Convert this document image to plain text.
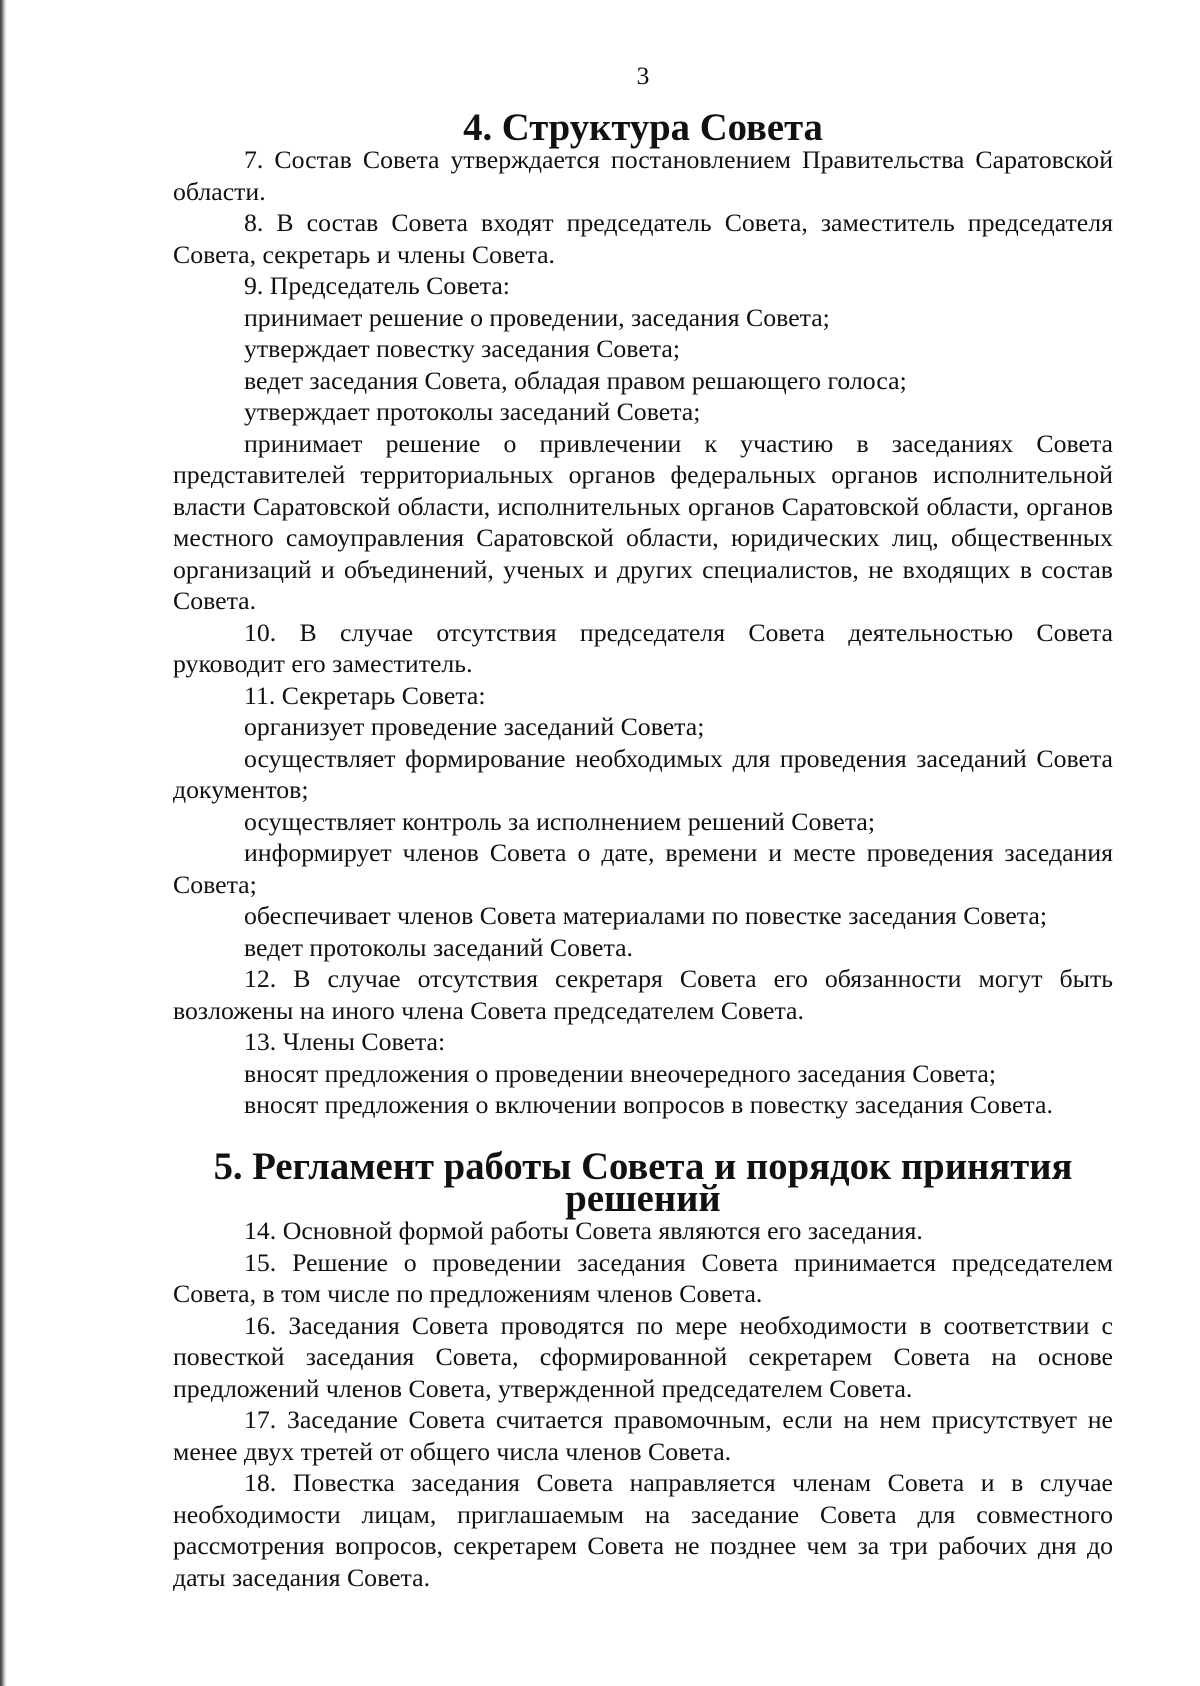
3
4. Структура Совета

7. Состав Совета утверждается постановлением Правительства Саратовской области.

8. В состав Совета входят председатель Совета, заместитель председателя Совета, секретарь и члены Совета.

9. Председатель Совета:

принимает решение о проведении, заседания Совета;

утверждает повестку заседания Совета;

ведет заседания Совета, обладая правом решающего голоса;

утверждает протоколы заседаний Совета;

принимает решение о привлечении к участию в заседаниях Совета представителей территориальных органов федеральных органов исполнительной власти Саратовской области, исполнительных органов Саратовской области, органов местного самоуправления Саратовской области, юридических лиц, общественных организаций и объединений, ученых и других специалистов, не входящих в состав Совета.

10. В случае отсутствия председателя Совета деятельностью Совета руководит его заместитель.

11. Секретарь Совета:

организует проведение заседаний Совета;

осуществляет формирование необходимых для проведения заседаний Совета документов;

осуществляет контроль за исполнением решений Совета;

информирует членов Совета о дате, времени и месте проведения заседания Совета;

обеспечивает членов Совета материалами по повестке заседания Совета;

ведет протоколы заседаний Совета.

12. В случае отсутствия секретаря Совета его обязанности могут быть возложены на иного члена Совета председателем Совета.

13. Члены Совета:

вносят предложения о проведении внеочередного заседания Совета;

вносят предложения о включении вопросов в повестку заседания Совета.

5. Регламент работы Совета и порядок принятия решений

14. Основной формой работы Совета являются его заседания.

15. Решение о проведении заседания Совета принимается председателем Совета, в том числе по предложениям членов Совета.

16. Заседания Совета проводятся по мере необходимости в соответствии с повесткой заседания Совета, сформированной секретарем Совета на основе предложений членов Совета, утвержденной председателем Совета.

17. Заседание Совета считается правомочным, если на нем присутствует не менее двух третей от общего числа членов Совета.

18. Повестка заседания Совета направляется членам Совета и в случае необходимости лицам, приглашаемым на заседание Совета для совместного рассмотрения вопросов, секретарем Совета не позднее чем за три рабочих дня до даты заседания Совета.
